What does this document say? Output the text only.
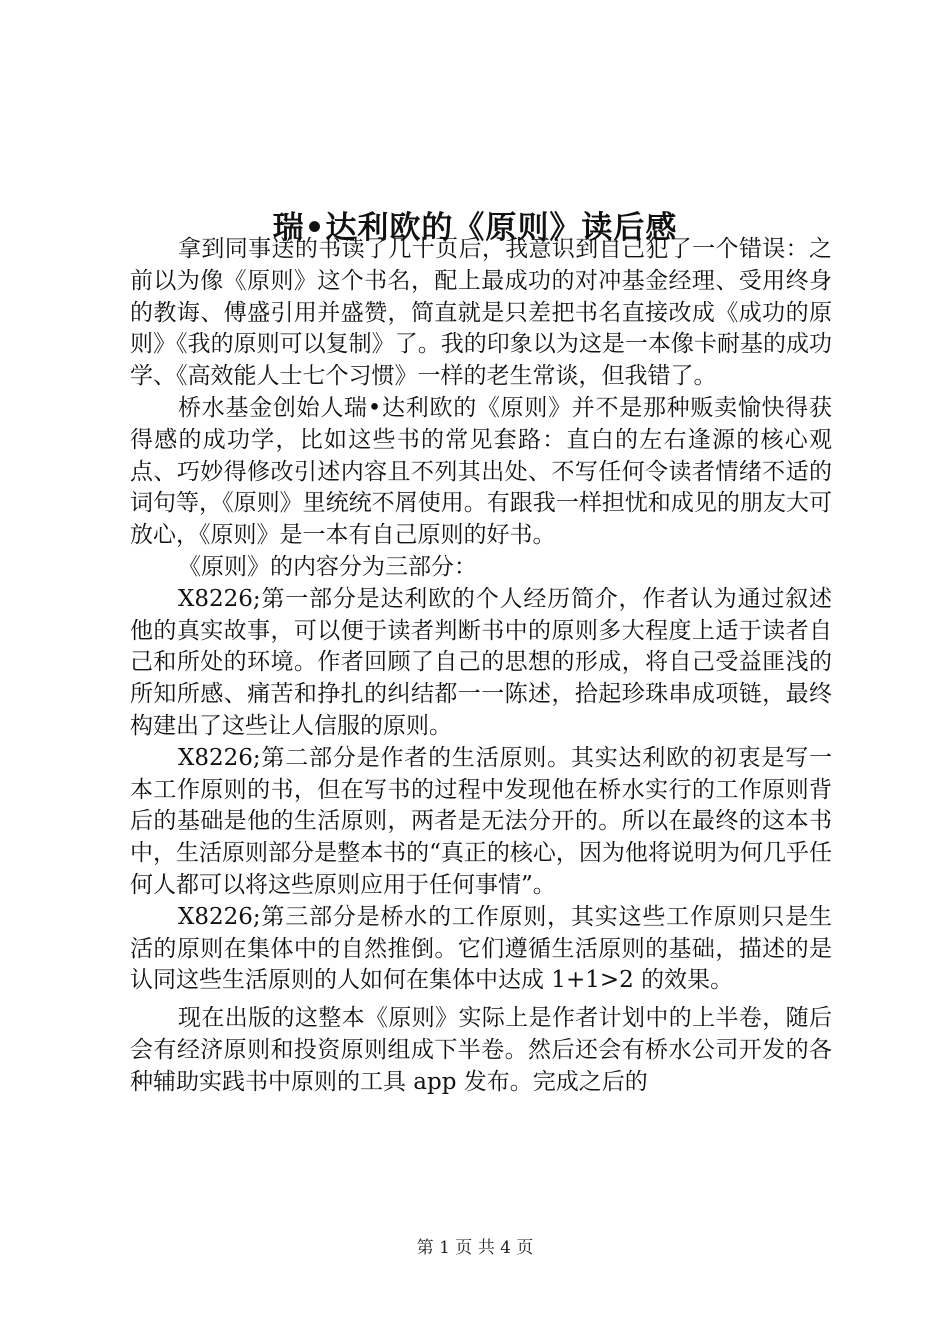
瑞•达利欧的《原则》读后感

拿到同事送的书读了几十页后，我意识到自己犯了一个错误：之前以为像《原则》这个书名，配上最成功的对冲基金经理、受用终身的教诲、傅盛引用并盛赞，简直就是只差把书名直接改成《成功的原则》《我的原则可以复制》了。我的印象以为这是一本像卡耐基的成功学、《高效能人士七个习惯》一样的老生常谈，但我错了。

桥水基金创始人瑞•达利欧的《原则》并不是那种贩卖愉快得获得感的成功学，比如这些书的常见套路：直白的左右逢源的核心观点、巧妙得修改引述内容且不列其出处、不写任何令读者情绪不适的词句等，《原则》里统统不屑使用。有跟我一样担忧和成见的朋友大可放心，《原则》是一本有自己原则的好书。

《原则》的内容分为三部分：

X8226;第一部分是达利欧的个人经历简介，作者认为通过叙述他的真实故事，可以便于读者判断书中的原则多大程度上适于读者自己和所处的环境。作者回顾了自己的思想的形成，将自己受益匪浅的所知所感、痛苦和挣扎的纠结都一一陈述，拾起珍珠串成项链，最终构建出了这些让人信服的原则。

X8226;第二部分是作者的生活原则。其实达利欧的初衷是写一本工作原则的书，但在写书的过程中发现他在桥水实行的工作原则背后的基础是他的生活原则，两者是无法分开的。所以在最终的这本书中，生活原则部分是整本书的“真正的核心，因为他将说明为何几乎任何人都可以将这些原则应用于任何事情”。

X8226;第三部分是桥水的工作原则，其实这些工作原则只是生活的原则在集体中的自然推倒。它们遵循生活原则的基础，描述的是认同这些生活原则的人如何在集体中达成 1+1>2 的效果。

现在出版的这整本《原则》实际上是作者计划中的上半卷，随后会有经济原则和投资原则组成下半卷。然后还会有桥水公司开发的各种辅助实践书中原则的工具 app 发布。完成之后的

第 1 页 共 4 页
